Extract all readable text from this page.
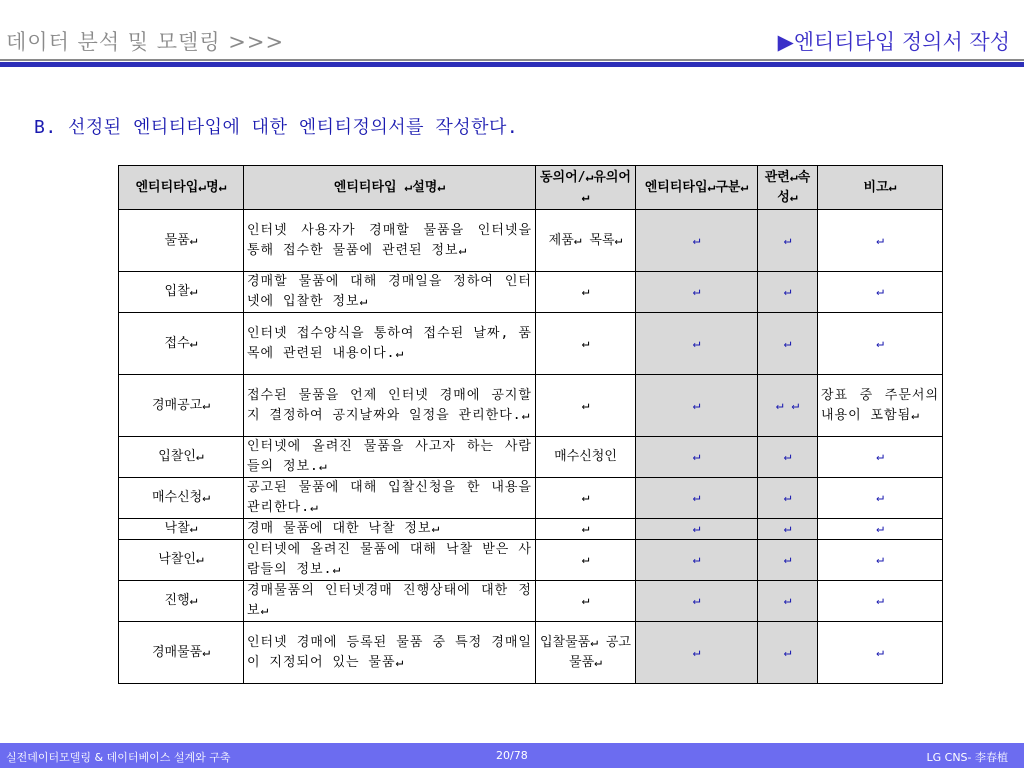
데이터 분석 및 모델링 >>>	▶엔티티타입 정의서 작성
B. 선정된 엔티티타입에 대한 엔티티정의서를 작성한다.
엔티티타입↵명↵	엔티티타입 ↵설명↵	동의어/↵유의어↵	엔티티타입↵구분↵	관련↵속성↵	비고↵
물품↵	인터넷 사용자가 경매할 물품을 인터넷을 통해 접수한 물품에 관련된 정보↵	제품↵ 목록↵	↵	↵	↵
입찰↵	경매할 물품에 대해 경매일을 정하여 인터넷에 입찰한 정보↵	↵	↵	↵	↵
접수↵	인터넷 접수양식을 통하여 접수된 날짜, 품목에 관련된 내용이다.↵	↵	↵	↵	↵
경매공고↵	접수된 물품을 언제 인터넷 경매에 공지할지 결정하여 공지날짜와 일정을 관리한다.↵	↵	↵	↵ ↵	장표 중 주문서의 내용이 포함됨↵
입찰인↵	인터넷에 올려진 물품을 사고자 하는 사람들의 정보.↵	매수신청인	↵	↵	↵
매수신청↵	공고된 물품에 대해 입찰신청을 한 내용을 관리한다.↵	↵	↵	↵	↵
낙찰↵	경매 물품에 대한 낙찰 정보↵	↵	↵	↵	↵
낙찰인↵	인터넷에 올려진 물품에 대해 낙찰 받은 사람들의 정보.↵	↵	↵	↵	↵
진행↵	경매물품의 인터넷경매 진행상태에 대한 정보↵	↵	↵	↵	↵
경매물품↵	인터넷 경매에 등록된 물품 중 특정 경매일이 지정되어 있는 물품↵	입찰물품↵ 공고물품↵	↵	↵	↵
실전데이터모델링 & 데이터베이스 설계와 구축	20/78	LG CNS- 李春植
